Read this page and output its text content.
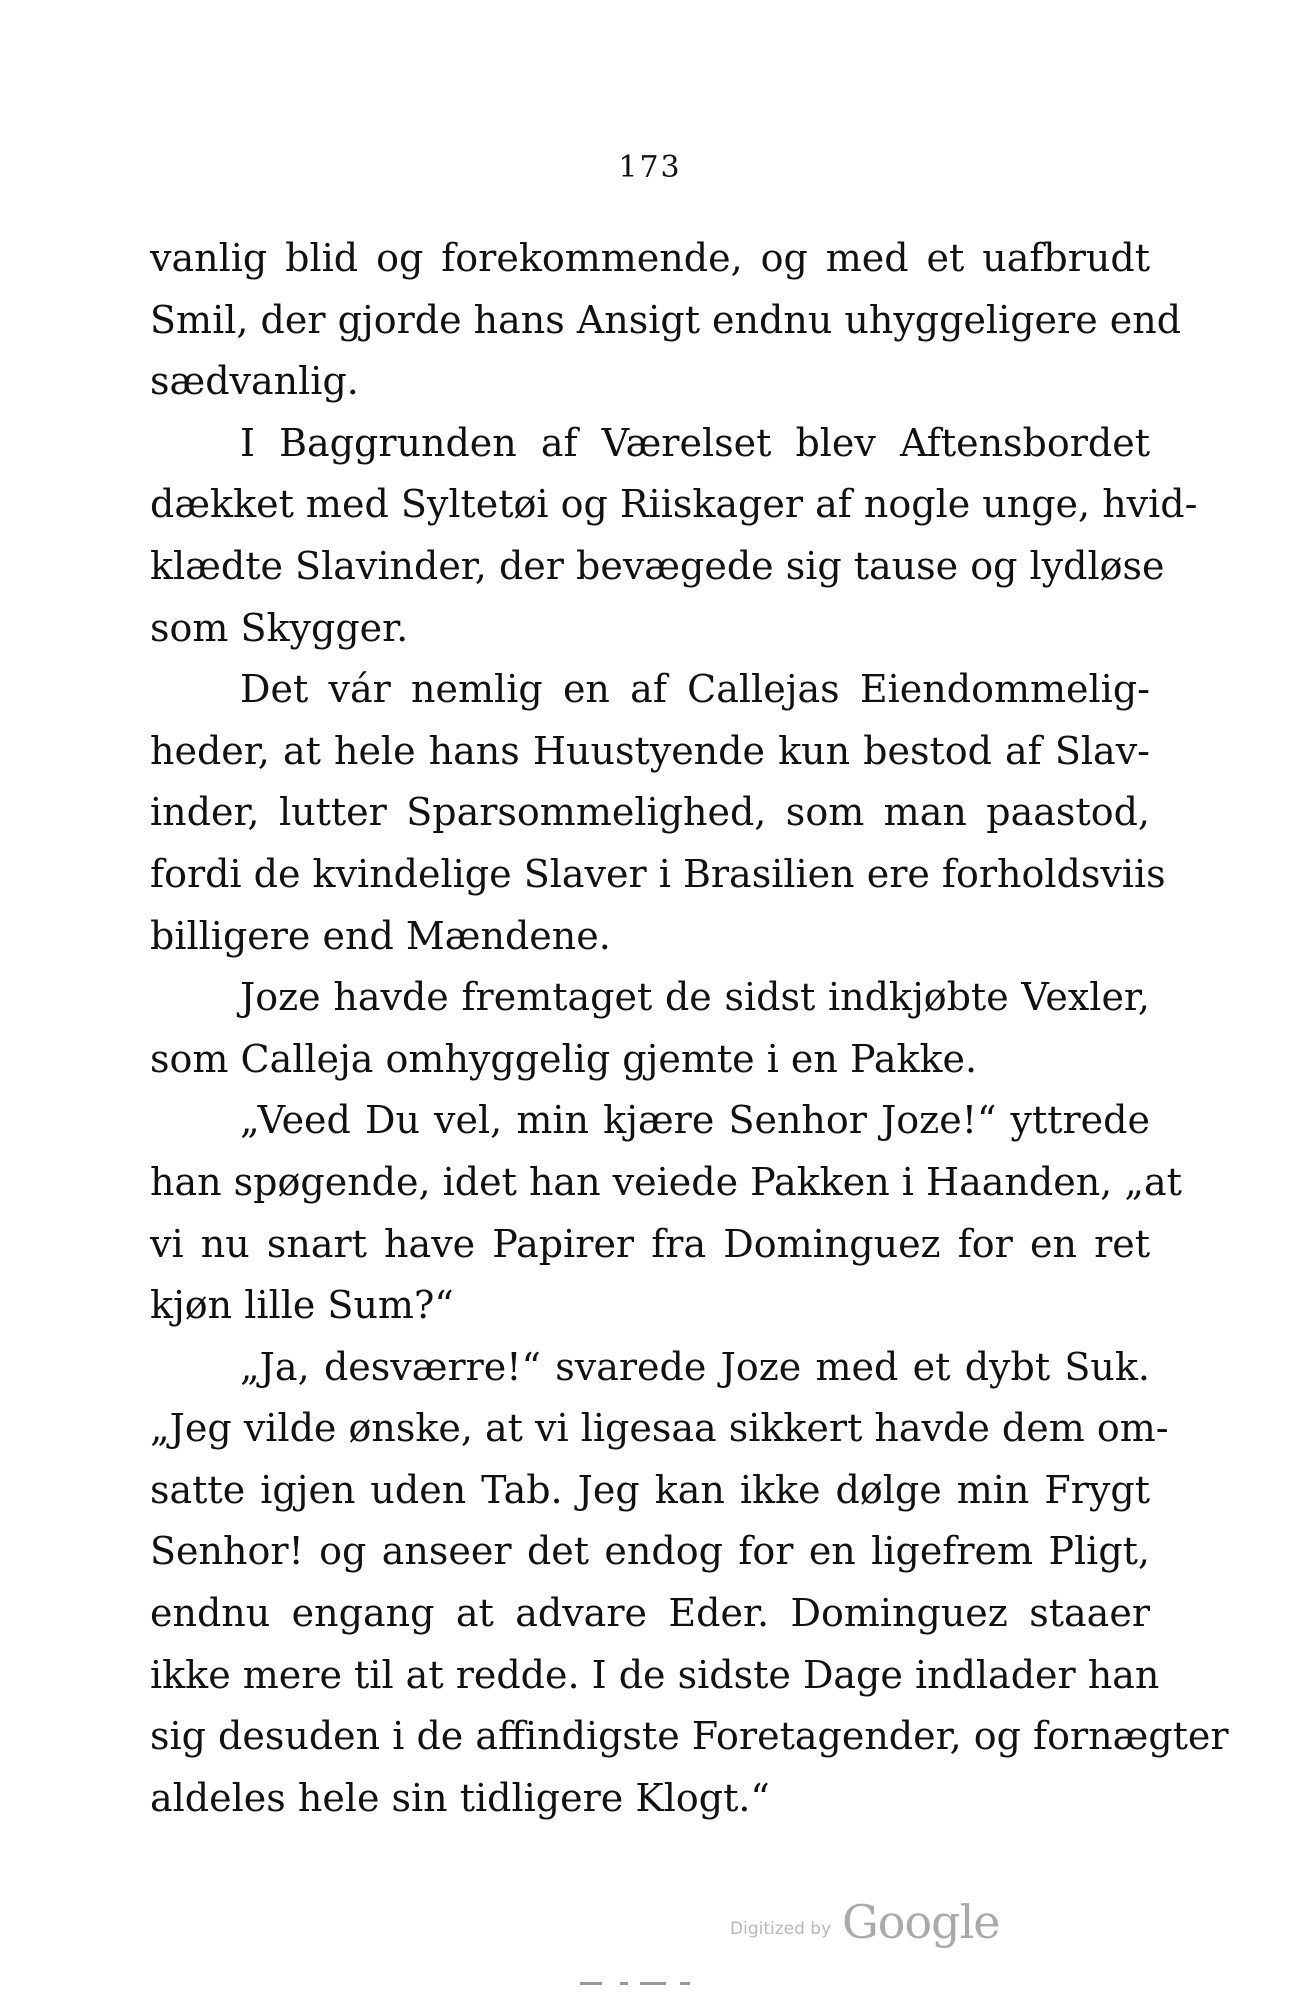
173
vanlig blid og forekommende, og med et uafbrudt
Smil, der gjorde hans Ansigt endnu uhyggeligere end
sædvanlig.
I Baggrunden af Værelset blev Aftensbordet
dækket med Syltetøi og Riiskager af nogle unge, hvid-
klædte Slavinder, der bevægede sig tause og lydløse
som Skygger.
Det vár nemlig en af Callejas Eiendommelig-
heder, at hele hans Huustyende kun bestod af Slav-
inder, lutter Sparsommelighed, som man paastod,
fordi de kvindelige Slaver i Brasilien ere forholdsviis
billigere end Mændene.
Joze havde fremtaget de sidst indkjøbte Vexler,
som Calleja omhyggelig gjemte i en Pakke.
„Veed Du vel, min kjære Senhor Joze!“ yttrede
han spøgende, idet han veiede Pakken i Haanden, „at
vi nu snart have Papirer fra Dominguez for en ret
kjøn lille Sum?“
„Ja, desværre!“ svarede Joze med et dybt Suk.
„Jeg vilde ønske, at vi ligesaa sikkert havde dem om-
satte igjen uden Tab. Jeg kan ikke dølge min Frygt
Senhor! og anseer det endog for en ligefrem Pligt,
endnu engang at advare Eder. Dominguez staaer
ikke mere til at redde. I de sidste Dage indlader han
sig desuden i de affindigste Foretagender, og fornægter
aldeles hele sin tidligere Klogt.“
Digitized by Google
